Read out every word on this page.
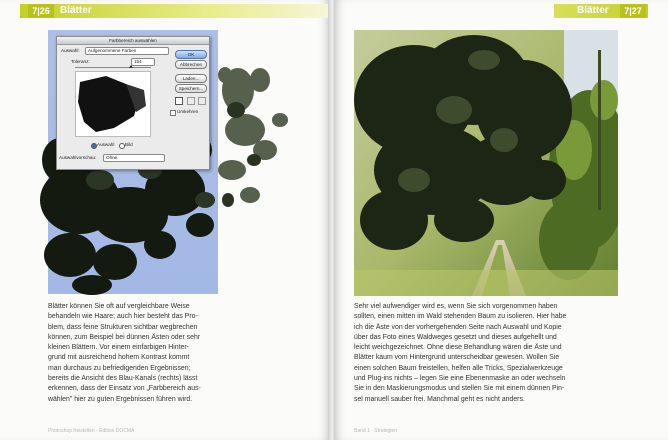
7|26	Blätter
Farbbereich auswählen
Auswahl:	Aufgenommene Farben
Toleranz:	154
OK
Abbrechen
Laden...
Speichern...

Umkehren
Auswahl Bild
Auswahlvorschau:	Ohne
Blätter können Sie oft auf vergleichbare Weise
behandeln wie Haare; auch hier besteht das Pro-
blem, dass feine Strukturen sichtbar wegbrechen
können, zum Beispiel bei dünnen Ästen oder sehr
kleinen Blättern. Vor einem einfarbigen Hinter-
grund mit ausreichend hohem Kontrast kommt
man durchaus zu befriedigenden Ergebnissen;
bereits die Ansicht des Blau-Kanals (rechts) lässt
erkennen, dass der Einsatz von „Farbbereich aus-
wählen" hier zu guten Ergebnissen führen wird.
Photoshop freistellen · Edition DOCMA
Blätter	7|27
Sehr viel aufwendiger wird es, wenn Sie sich vorgenommen haben
sollten, einen mitten im Wald stehenden Baum zu isolieren. Hier habe
ich die Äste von der vorhergehenden Seite nach Auswahl und Kopie
über das Foto eines Waldweges gesetzt und dieses aufgehellt und
leicht weichgezeichnet. Ohne diese Behandlung wären die Äste und
Blätter kaum vom Hintergrund unterscheidbar gewesen. Wollen Sie
einen solchen Baum freistellen, helfen alle Tricks, Spezialwerkzeuge
und Plug-ins nichts – legen Sie eine Ebenenmaske an oder wechseln
Sie in den Maskierungsmodus und stellen Sie mit einem dünnen Pin-
sel manuell sauber frei. Manchmal geht es nicht anders.
Band 1 · Strategien
